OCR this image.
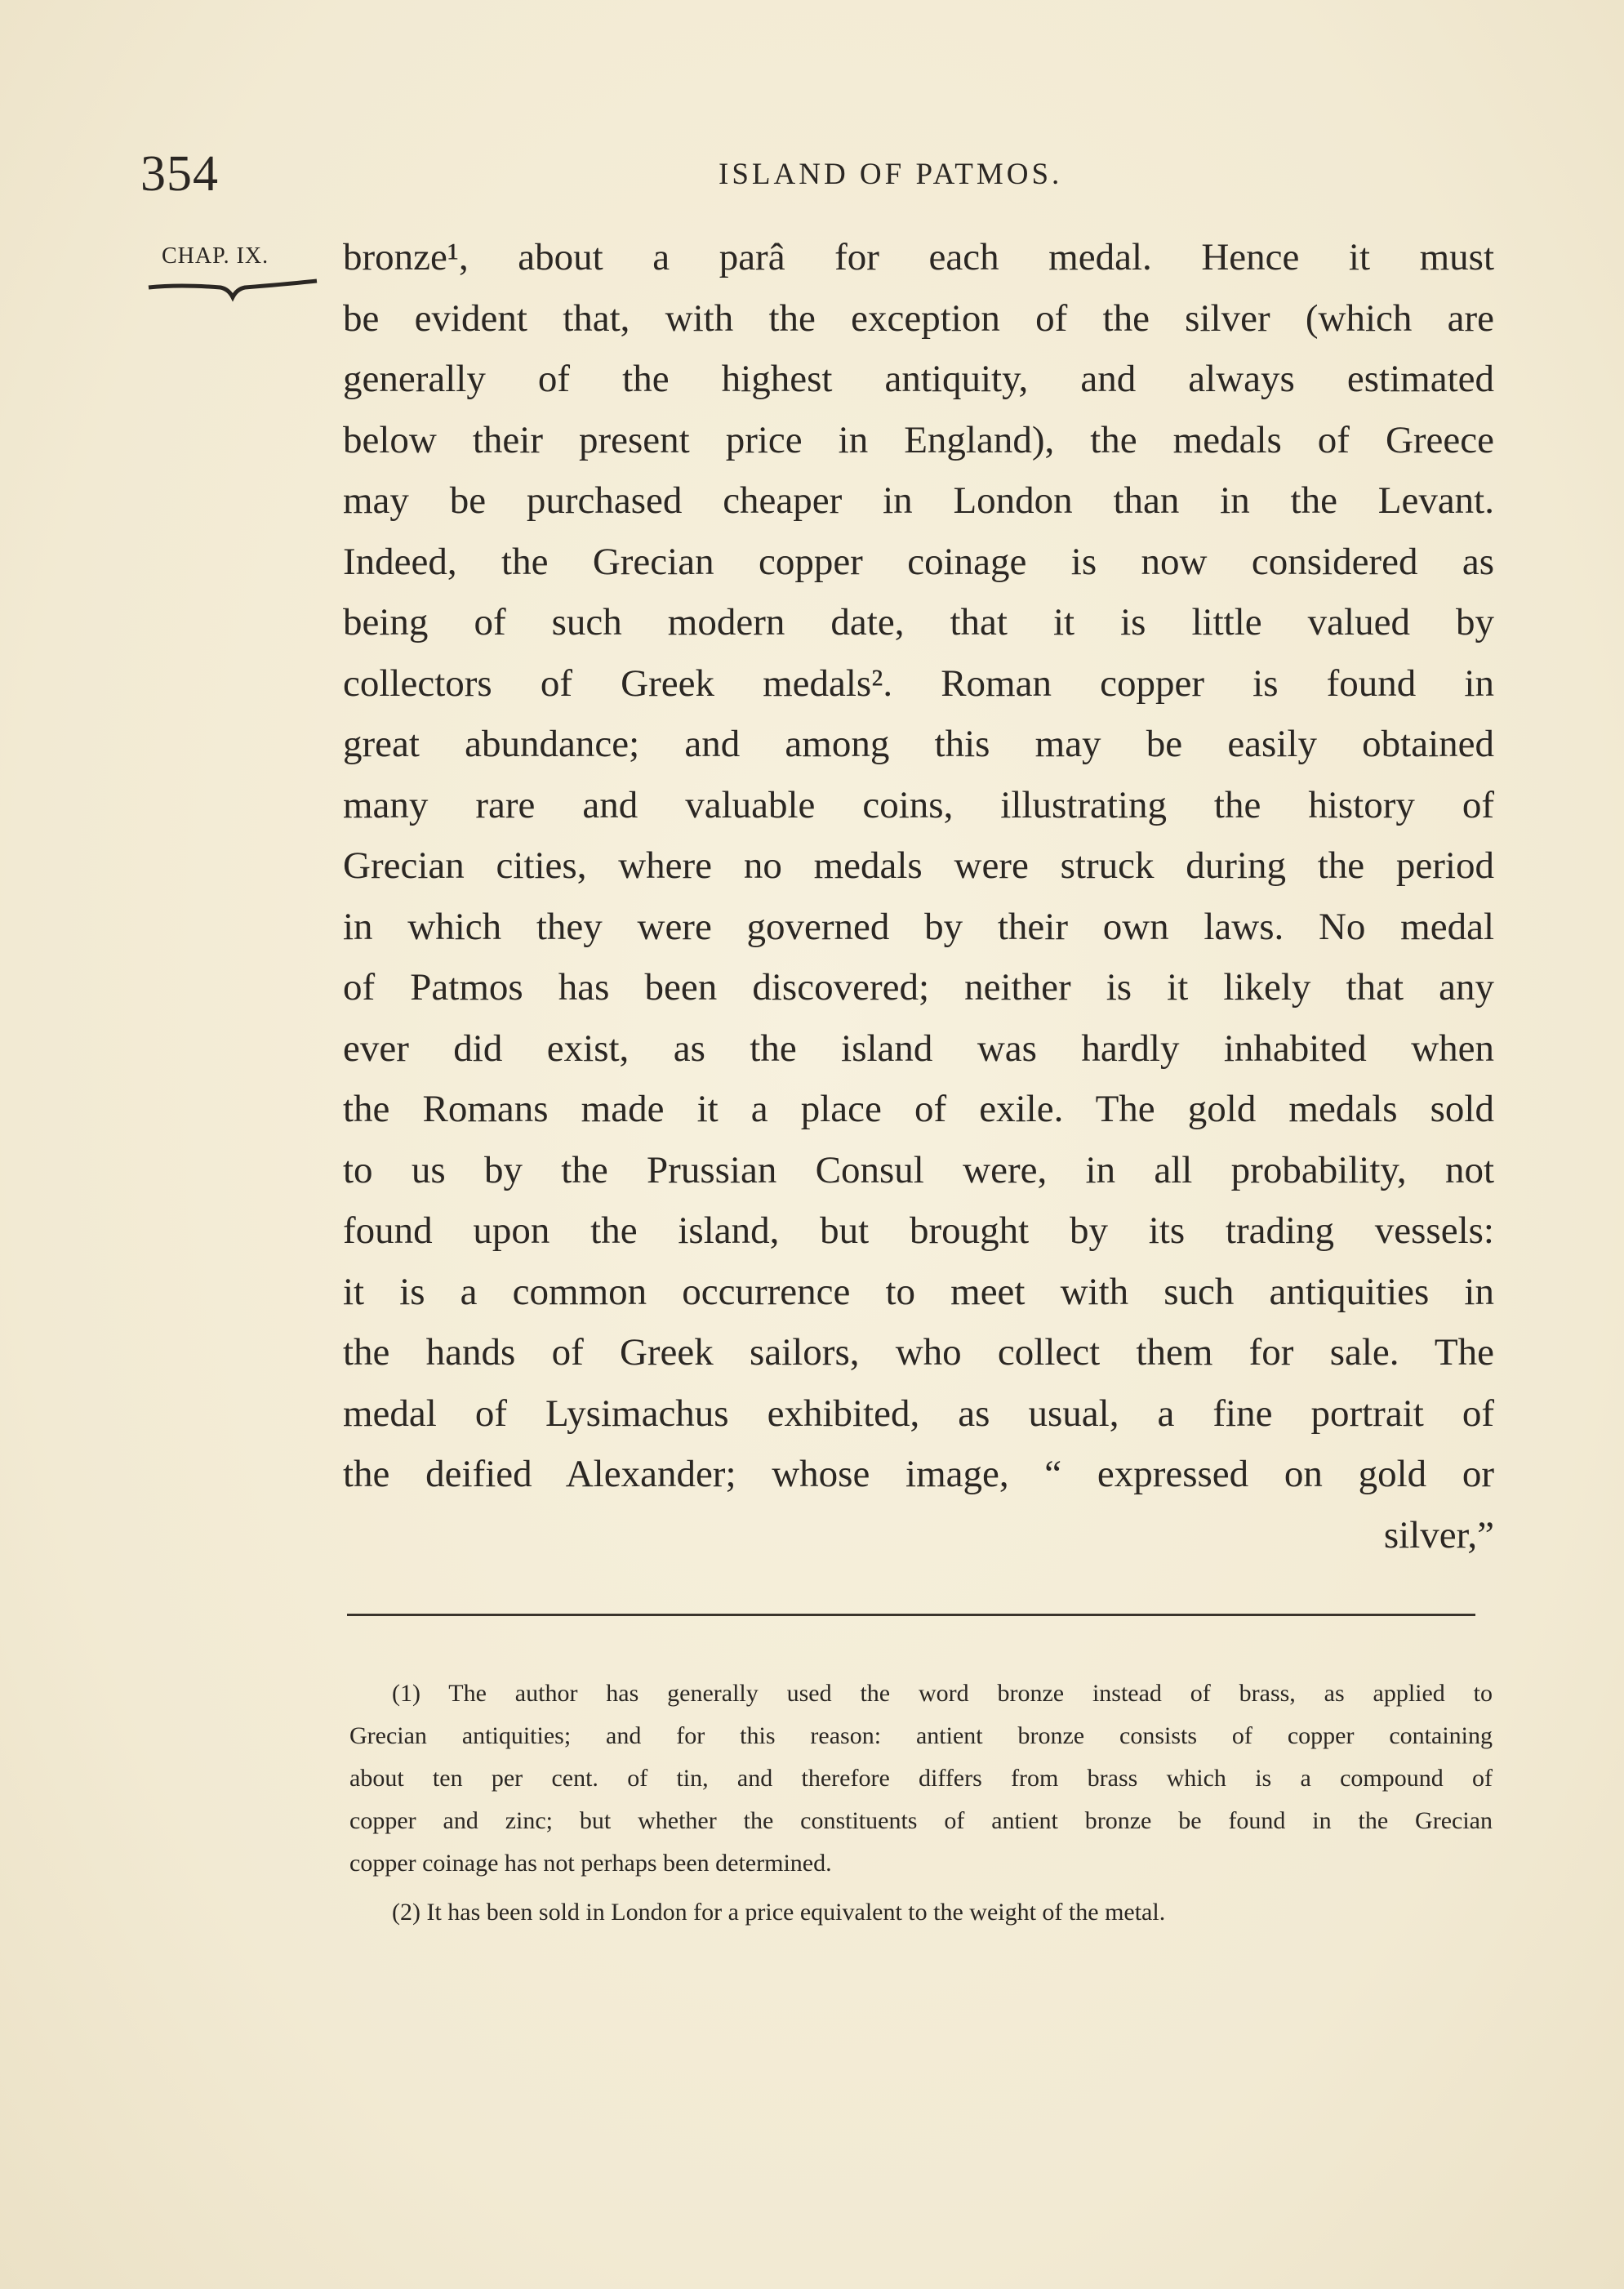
354	ISLAND OF PATMOS.
CHAP. IX. bronze¹, about a parâ for each medal. Hence it must
be evident that, with the exception of the silver (which are
generally of the highest antiquity, and always estimated
below their present price in England), the medals of Greece
may be purchased cheaper in London than in the Levant.
Indeed, the Grecian copper coinage is now considered as
being of such modern date, that it is little valued by
collectors of Greek medals². Roman copper is found in
great abundance; and among this may be easily obtained
many rare and valuable coins, illustrating the history of
Grecian cities, where no medals were struck during the period
in which they were governed by their own laws. No medal
of Patmos has been discovered; neither is it likely that any
ever did exist, as the island was hardly inhabited when
the Romans made it a place of exile. The gold medals sold
to us by the Prussian Consul were, in all probability, not
found upon the island, but brought by its trading vessels:
it is a common occurrence to meet with such antiquities in
the hands of Greek sailors, who collect them for sale. The
medal of Lysimachus exhibited, as usual, a fine portrait of
the deified Alexander; whose image, “ expressed on gold or
silver,”
(1) The author has generally used the word bronze instead of brass, as applied to
Grecian antiquities; and for this reason: antient bronze consists of copper containing
about ten per cent. of tin, and therefore differs from brass which is a compound of
copper and zinc; but whether the constituents of antient bronze be found in the Grecian
copper coinage has not perhaps been determined.
(2) It has been sold in London for a price equivalent to the weight of the metal.
